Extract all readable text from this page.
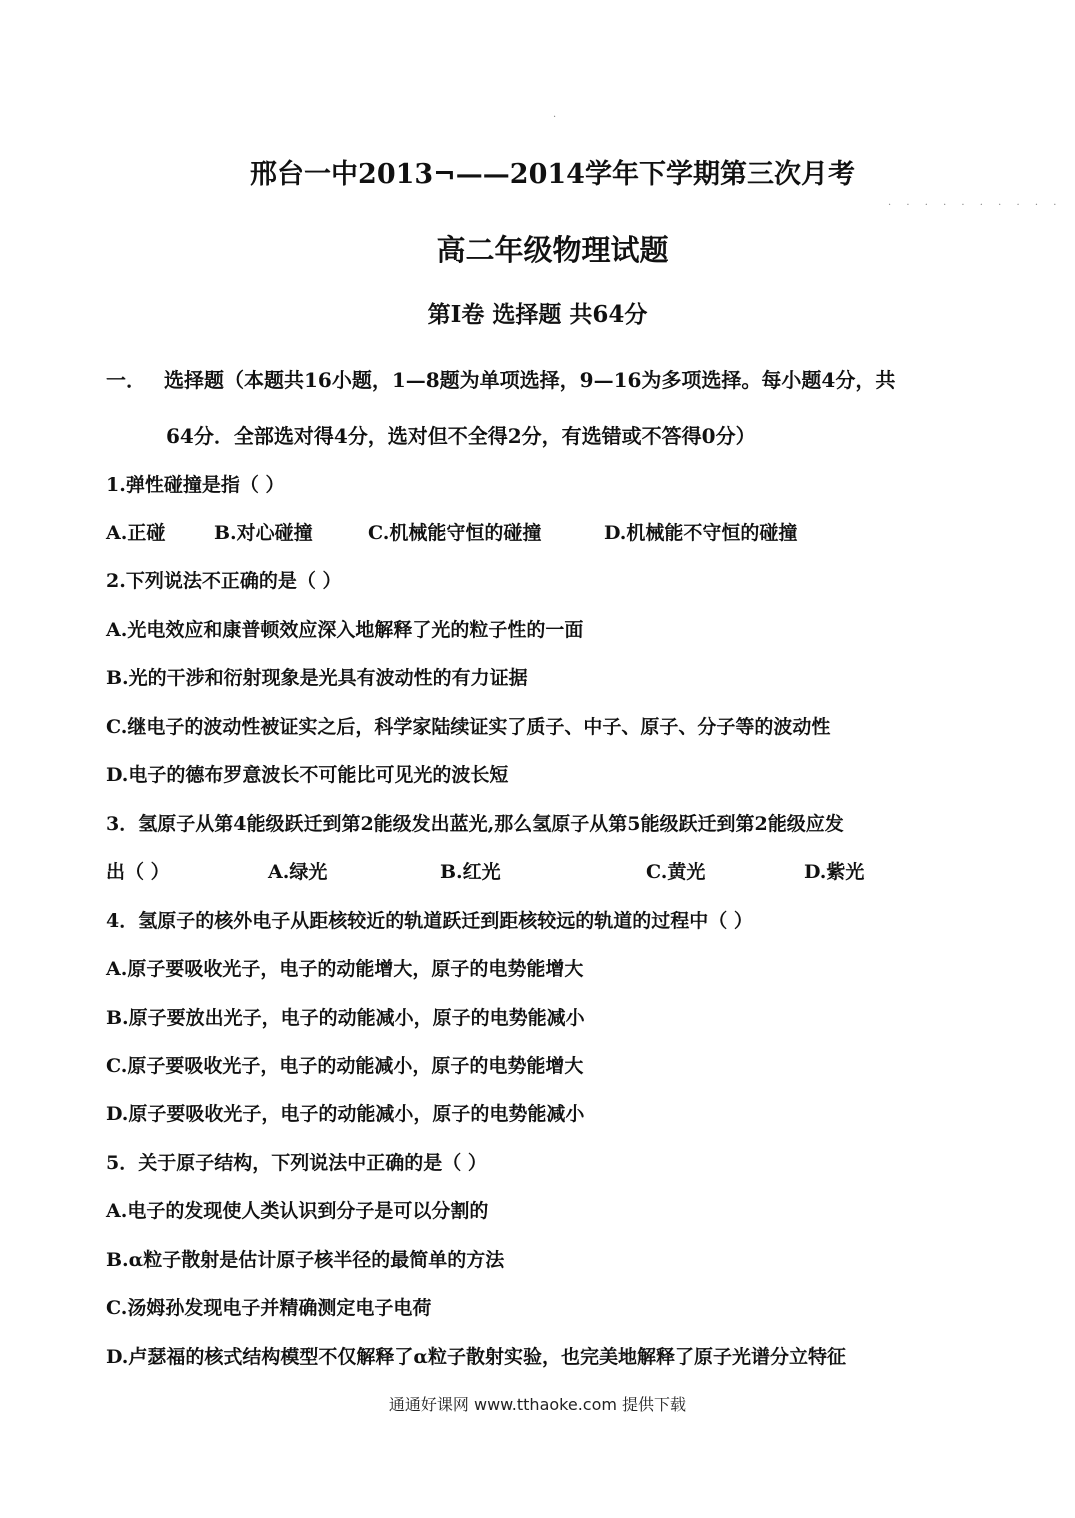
·
· · · · · · · · · ·
邢台一中2013¬——2014学年下学期第三次月考
高二年级物理试题
第Ⅰ卷 选择题 共64分
一． 选择题（本题共16小题，1—8题为单项选择，9—16为多项选择。每小题4分，共
64分．全部选对得4分，选对但不全得2分，有选错或不答得0分）
1.弹性碰撞是指（ ）
A.正碰	B.对心碰撞	C.机械能守恒的碰撞	D.机械能不守恒的碰撞
2.下列说法不正确的是（ ）
A.光电效应和康普顿效应深入地解释了光的粒子性的一面
B.光的干涉和衍射现象是光具有波动性的有力证据
C.继电子的波动性被证实之后，科学家陆续证实了质子、中子、原子、分子等的波动性
D.电子的德布罗意波长不可能比可见光的波长短
3．氢原子从第4能级跃迁到第2能级发出蓝光,那么氢原子从第5能级跃迁到第2能级应发
出（ ）	A.绿光	B.红光	C.黄光	D.紫光
4．氢原子的核外电子从距核较近的轨道跃迁到距核较远的轨道的过程中（ ）
A.原子要吸收光子，电子的动能增大，原子的电势能增大
B.原子要放出光子，电子的动能减小，原子的电势能减小
C.原子要吸收光子，电子的动能减小，原子的电势能增大
D.原子要吸收光子，电子的动能减小，原子的电势能减小
5．关于原子结构，下列说法中正确的是（ ）
A.电子的发现使人类认识到分子是可以分割的
B.α粒子散射是估计原子核半径的最简单的方法
C.汤姆孙发现电子并精确测定电子电荷
D.卢瑟福的核式结构模型不仅解释了α粒子散射实验，也完美地解释了原子光谱分立特征
通通好课网 www.tthaoke.com 提供下载
